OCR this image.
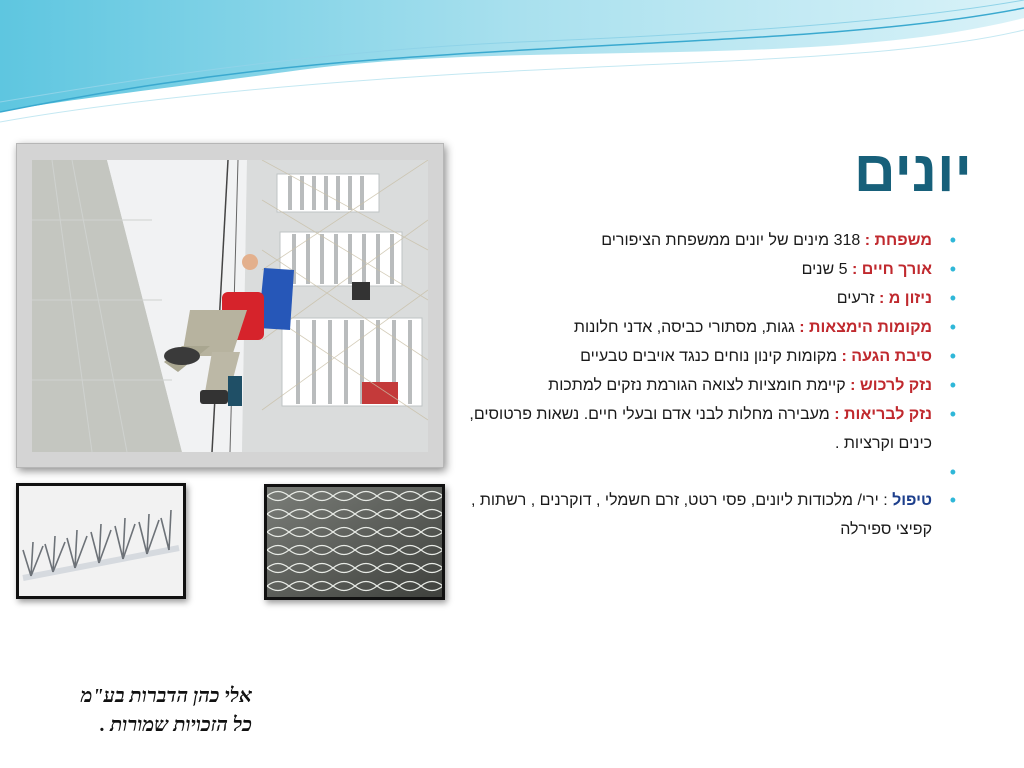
יונים
• משפחת : 318 מינים של יונים ממשפחת הציפורים
• אורך חיים : 5 שנים
• ניזון מ : זרעים
• מקומות הימצאות : גגות, מסתורי כביסה, אדני חלונות
• סיבת הגעה : מקומות קינון נוחים כנגד אויבים טבעיים
• נזק לרכוש : קיימת חומציות לצואה הגורמת נזקים למתכות
• נזק לבריאות : מעבירה מחלות לבני אדם ובעלי חיים. נשאות פרטוסים, כינים וקרציות .
•
• טיפול : ירי/ מלכודות ליונים, פסי רטט, זרם חשמלי , דוקרנים , רשתות , קפיצי ספירלה
אלי כהן הדברות בע"מ
כל הזכויות שמורות .
